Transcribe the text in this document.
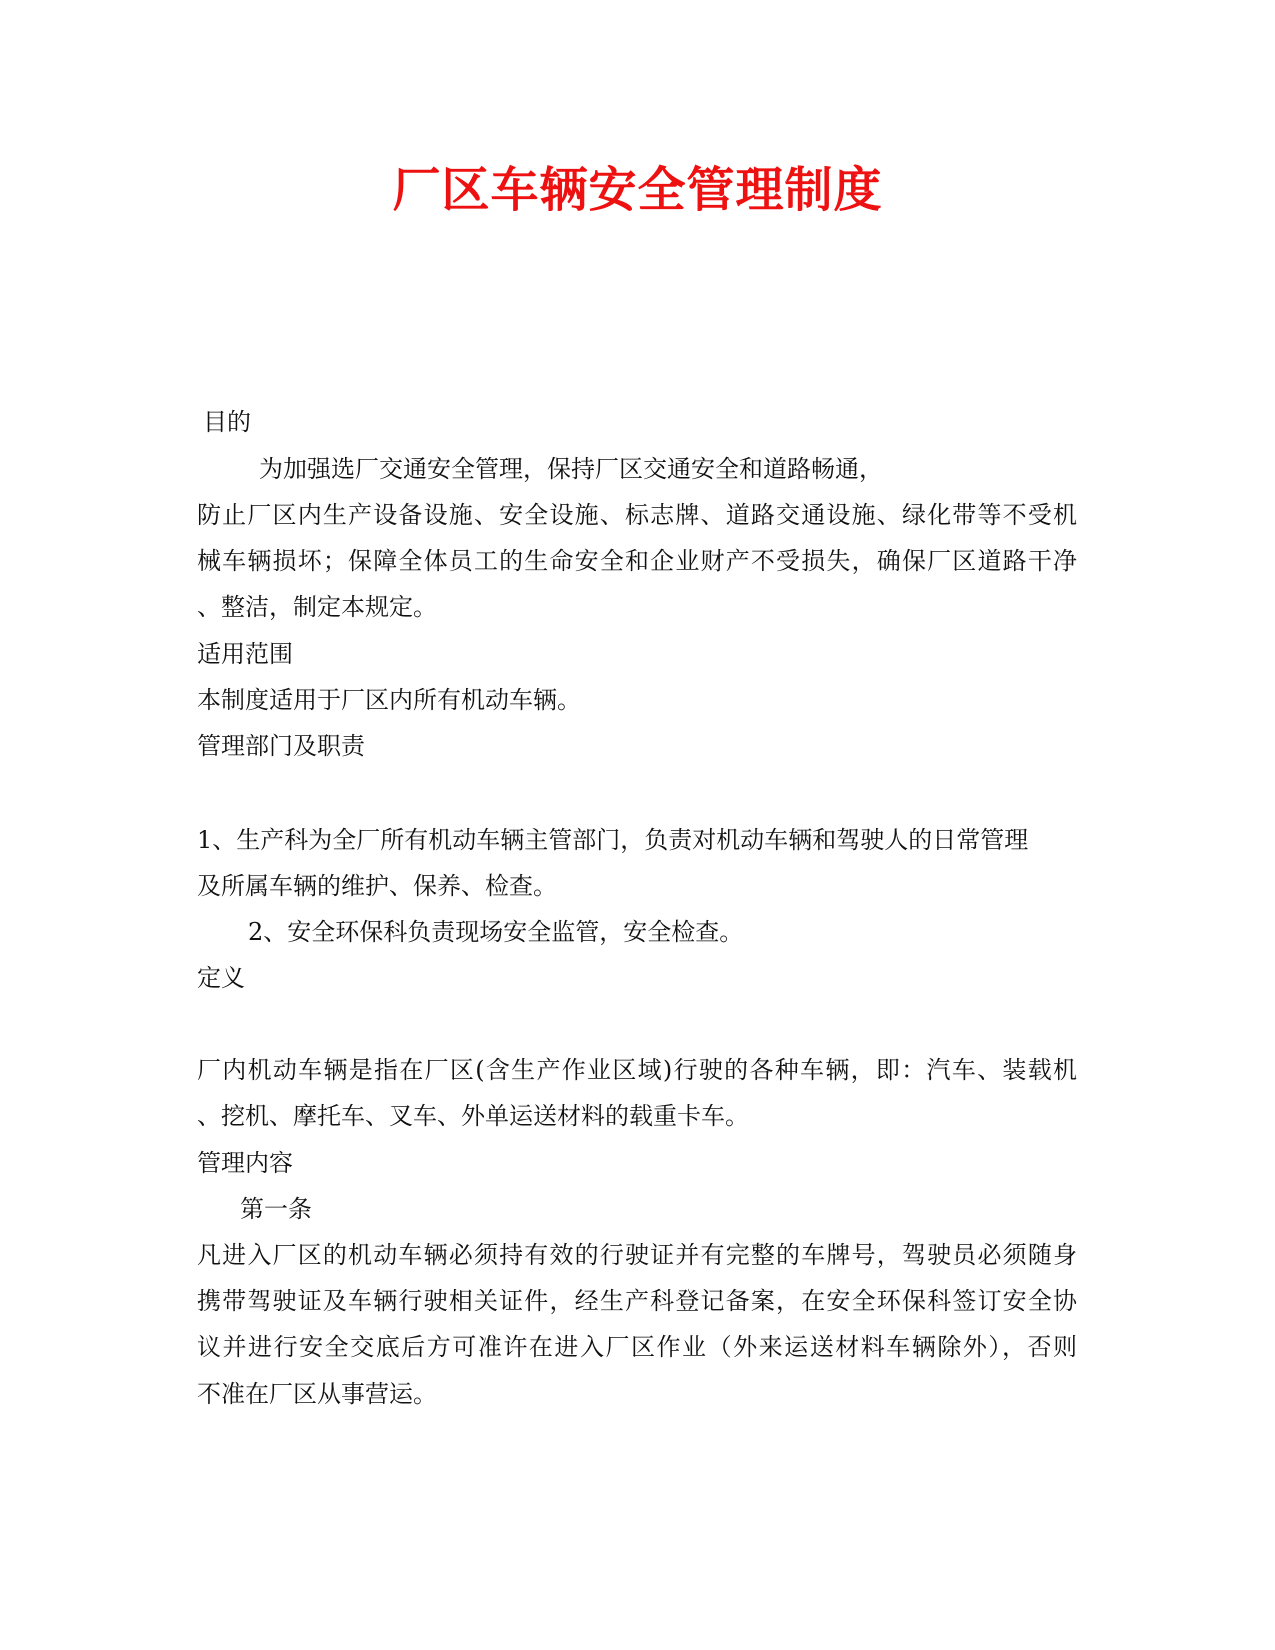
厂区车辆安全管理制度
目的
为加强选厂交通安全管理，保持厂区交通安全和道路畅通，
防止厂区内生产设备设施、安全设施、标志牌、道路交通设施、绿化带等不受机
械车辆损坏；保障全体员工的生命安全和企业财产不受损失，确保厂区道路干净
、整洁，制定本规定。
适用范围
本制度适用于厂区内所有机动车辆。
管理部门及职责
1、生产科为全厂所有机动车辆主管部门，负责对机动车辆和驾驶人的日常管理
及所属车辆的维护、保养、检查。
2、安全环保科负责现场安全监管，安全检查。
定义
厂内机动车辆是指在厂区(含生产作业区域)行驶的各种车辆，即：汽车、装载机
、挖机、摩托车、叉车、外单运送材料的载重卡车。
管理内容
第一条
凡进入厂区的机动车辆必须持有效的行驶证并有完整的车牌号，驾驶员必须随身
携带驾驶证及车辆行驶相关证件，经生产科登记备案，在安全环保科签订安全协
议并进行安全交底后方可准许在进入厂区作业（外来运送材料车辆除外），否则
不准在厂区从事营运。
